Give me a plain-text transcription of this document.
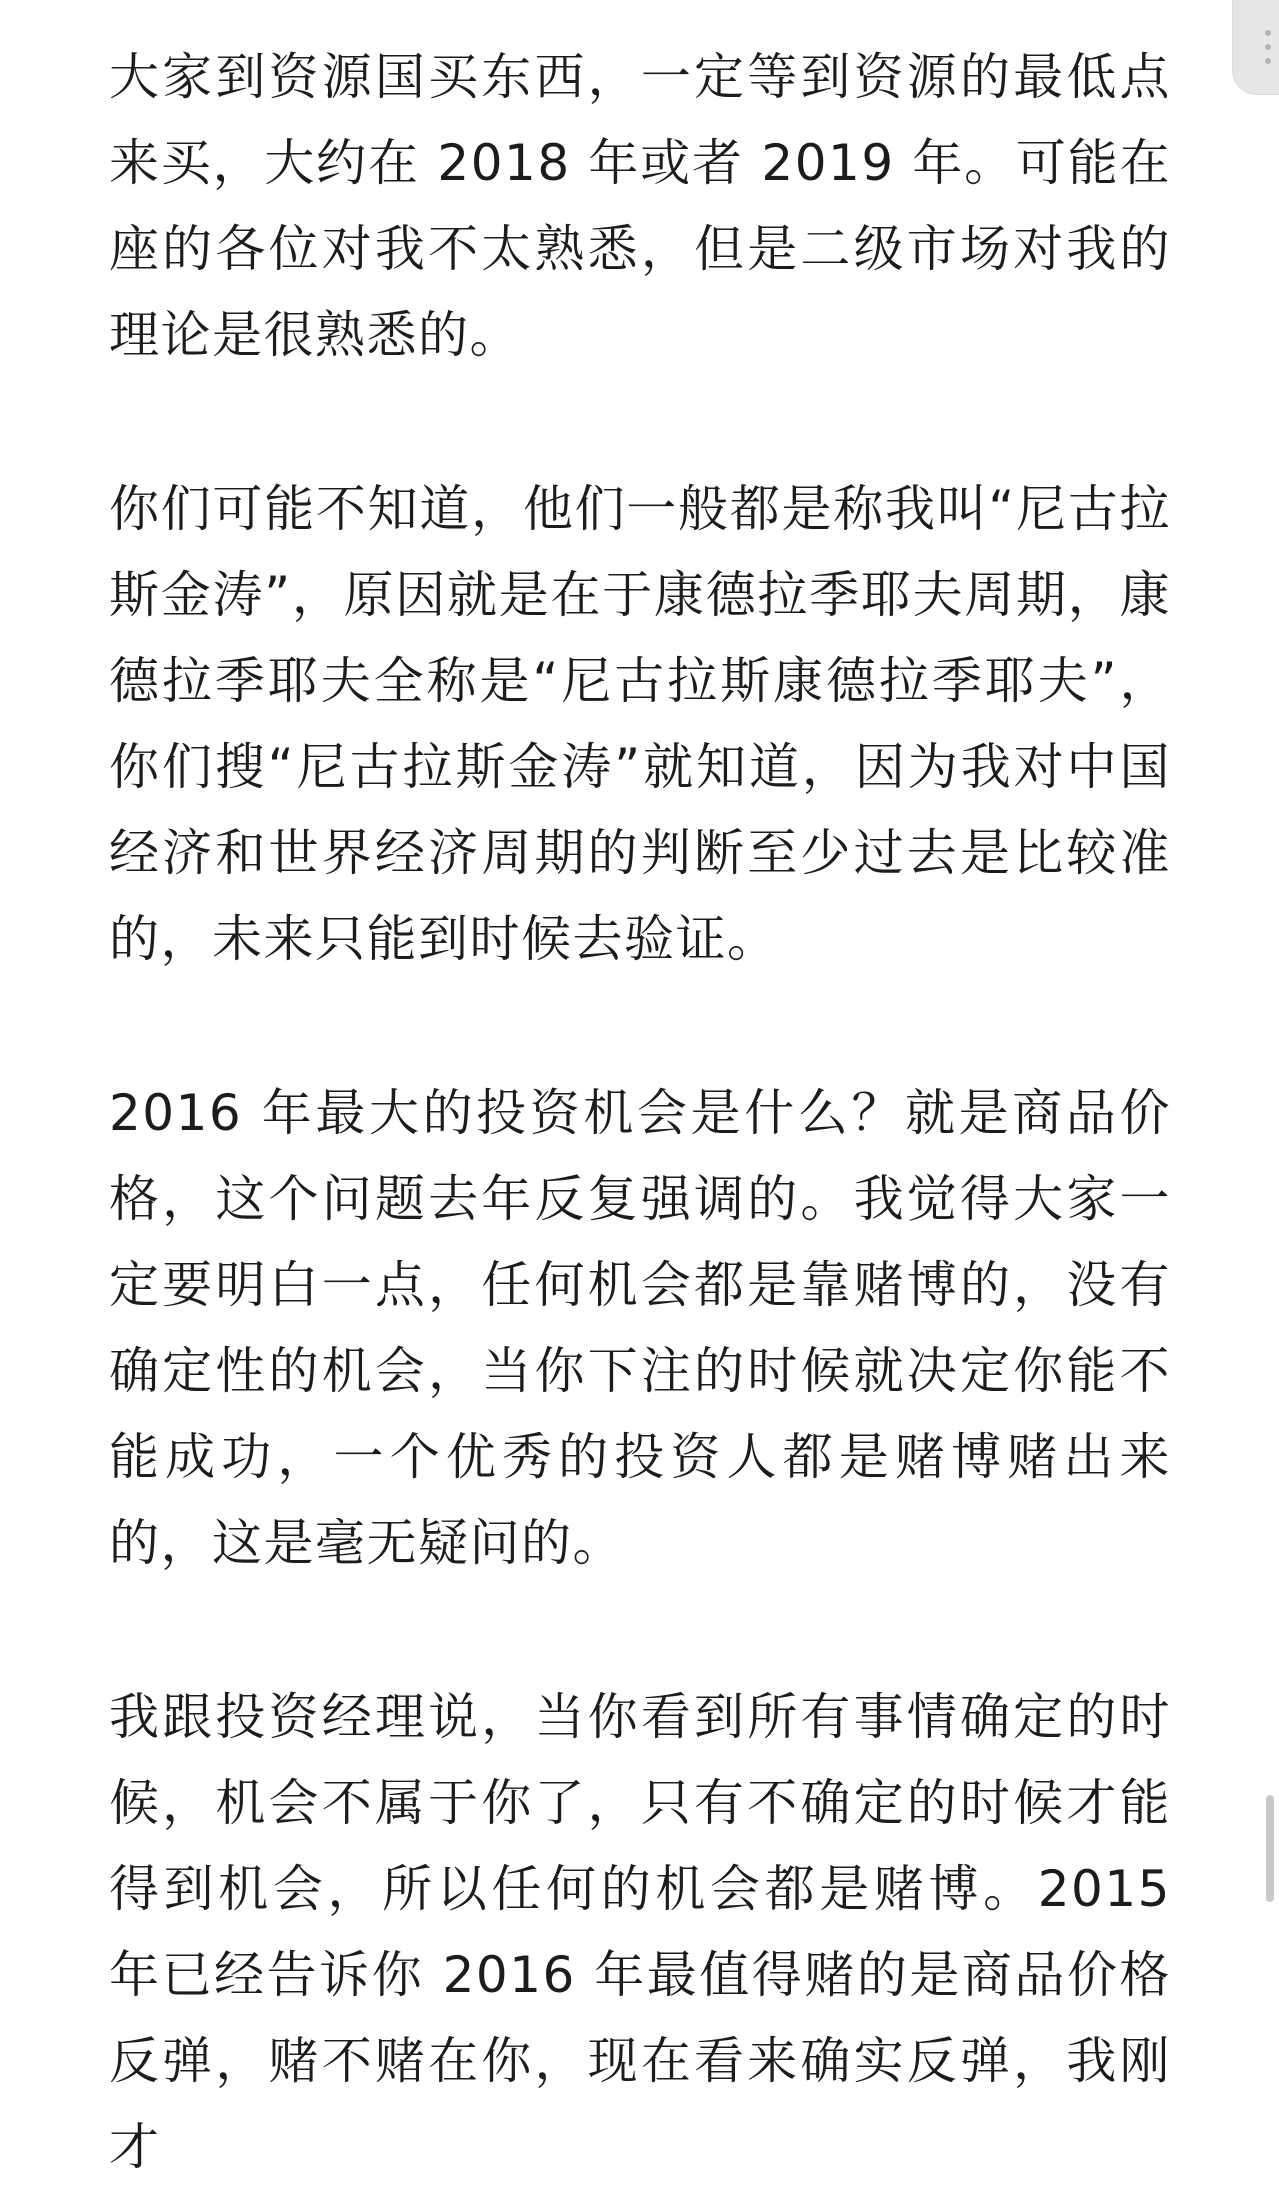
大家到资源国买东西，一定等到资源的最低点来买，大约在 2018 年或者 2019 年。可能在座的各位对我不太熟悉，但是二级市场对我的理论是很熟悉的。

你们可能不知道，他们一般都是称我叫“尼古拉斯金涛”，原因就是在于康德拉季耶夫周期，康德拉季耶夫全称是“尼古拉斯康德拉季耶夫”，你们搜“尼古拉斯金涛”就知道，因为我对中国经济和世界经济周期的判断至少过去是比较准的，未来只能到时候去验证。

2016 年最大的投资机会是什么？就是商品价格，这个问题去年反复强调的。我觉得大家一定要明白一点，任何机会都是靠赌博的，没有确定性的机会，当你下注的时候就决定你能不能成功，一个优秀的投资人都是赌博赌出来的，这是毫无疑问的。

我跟投资经理说，当你看到所有事情确定的时候，机会不属于你了，只有不确定的时候才能得到机会，所以任何的机会都是赌博。2015 年已经告诉你 2016 年最值得赌的是商品价格反弹，赌不赌在你，现在看来确实反弹，我刚才
